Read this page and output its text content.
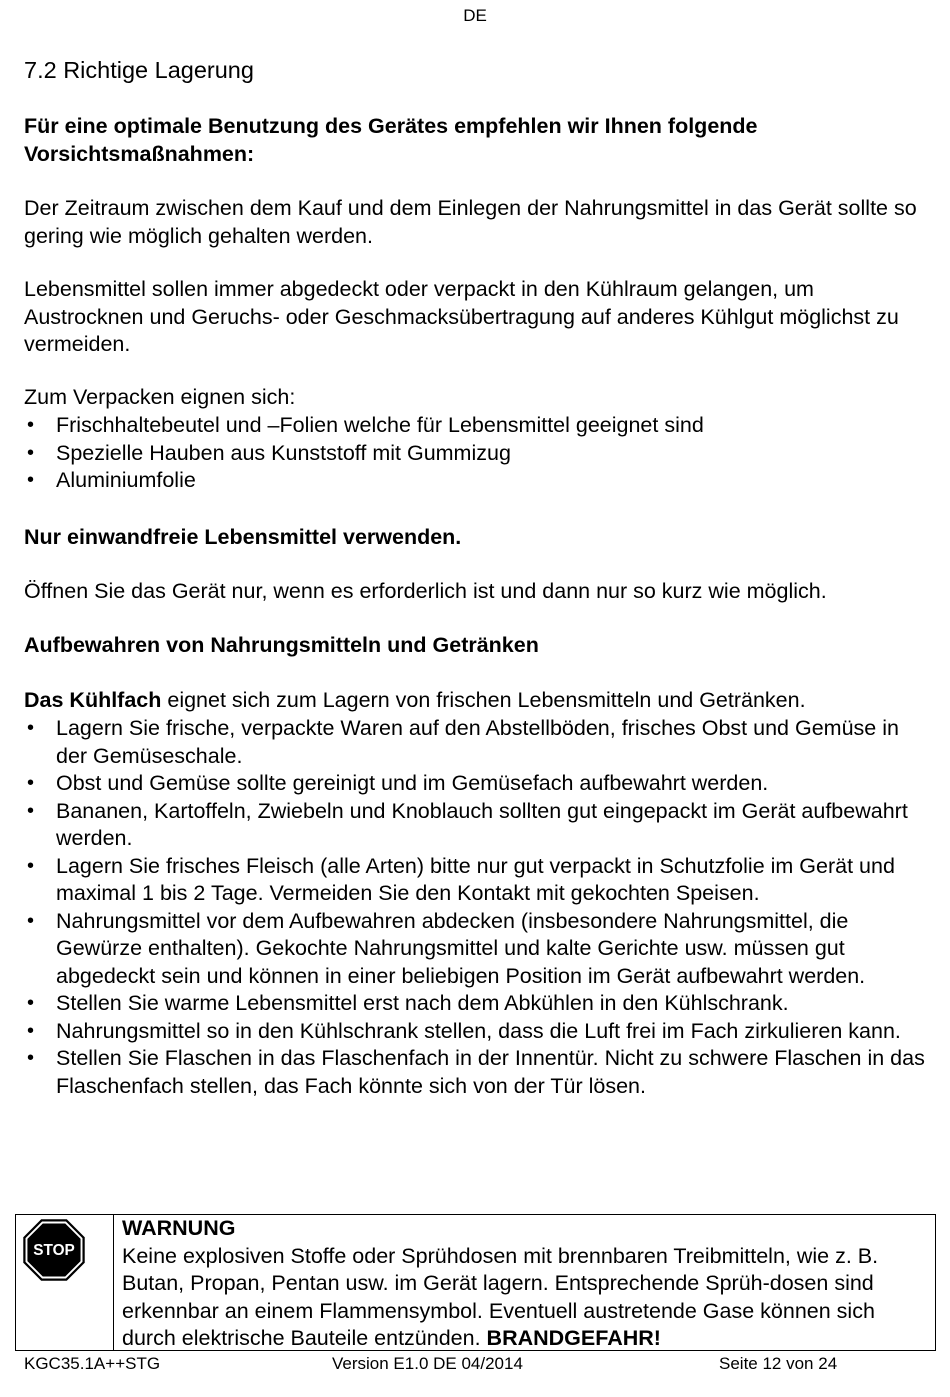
DE
7.2 Richtige Lagerung
Für eine optimale Benutzung des Gerätes empfehlen wir Ihnen folgende Vorsichtsmaßnahmen:
Der Zeitraum zwischen dem Kauf und dem Einlegen der Nahrungsmittel in das Gerät sollte so gering wie möglich gehalten werden.
Lebensmittel sollen immer abgedeckt oder verpackt in den Kühlraum gelangen, um Austrocknen und Geruchs- oder Geschmacksübertragung auf anderes Kühlgut möglichst zu vermeiden.
Zum Verpacken eignen sich:
• Frischhaltebeutel und –Folien welche für Lebensmittel geeignet sind
• Spezielle Hauben aus Kunststoff mit Gummizug
• Aluminiumfolie
Nur einwandfreie Lebensmittel verwenden.
Öffnen Sie das Gerät nur, wenn es erforderlich ist und dann nur so kurz wie möglich.
Aufbewahren von Nahrungsmitteln und Getränken
Das Kühlfach eignet sich zum Lagern von frischen Lebensmitteln und Getränken.
• Lagern Sie frische, verpackte Waren auf den Abstellböden, frisches Obst und Gemüse in der Gemüseschale.
• Obst und Gemüse sollte gereinigt und im Gemüsefach aufbewahrt werden.
• Bananen, Kartoffeln, Zwiebeln und Knoblauch sollten gut eingepackt im Gerät aufbewahrt werden.
• Lagern Sie frisches Fleisch (alle Arten) bitte nur gut verpackt in Schutzfolie im Gerät und maximal 1 bis 2 Tage. Vermeiden Sie den Kontakt mit gekochten Speisen.
• Nahrungsmittel vor dem Aufbewahren abdecken (insbesondere Nahrungsmittel, die Gewürze enthalten). Gekochte Nahrungsmittel und kalte Gerichte usw. müssen gut abgedeckt sein und können in einer beliebigen Position im Gerät aufbewahrt werden.
• Stellen Sie warme Lebensmittel erst nach dem Abkühlen in den Kühlschrank.
• Nahrungsmittel so in den Kühlschrank stellen, dass die Luft frei im Fach zirkulieren kann.
• Stellen Sie Flaschen in das Flaschenfach in der Innentür. Nicht zu schwere Flaschen in das Flaschenfach stellen, das Fach könnte sich von der Tür lösen.
STOP
WARNUNG
Keine explosiven Stoffe oder Sprühdosen mit brennbaren Treibmitteln, wie z. B. Butan, Propan, Pentan usw. im Gerät lagern. Entsprechende Sprüh-dosen sind erkennbar an einem Flammensymbol. Eventuell austretende Gase können sich durch elektrische Bauteile entzünden. BRANDGEFAHR!
KGC35.1A++STG	Version E1.0 DE 04/2014	Seite 12 von 24
